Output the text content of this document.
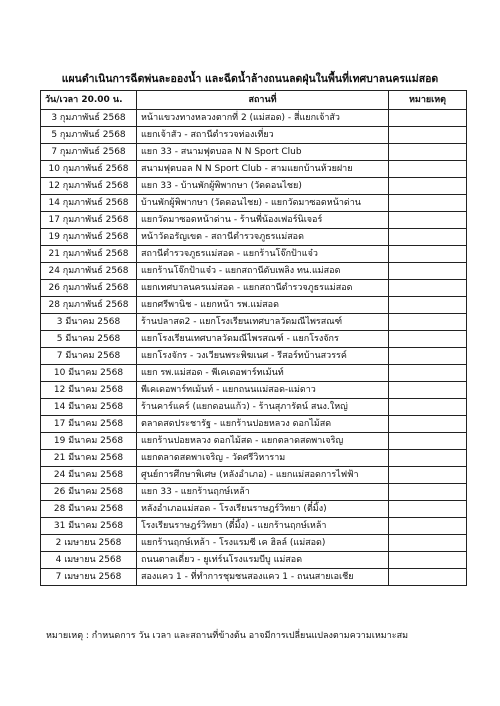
แผนดำเนินการฉีดพ่นละอองน้ำ และฉีดน้ำล้างถนนลดฝุ่นในพื้นที่เทศบาลนครแม่สอด
วัน/เวลา 20.00 น.	สถานที่	หมายเหตุ
3 กุมภาพันธ์ 2568	หน้าแขวงทางหลวงตากที่ 2 (แม่สอด) - สี่แยกเจ้าสัว	
5 กุมภาพันธ์ 2568	แยกเจ้าสัว - สถานีตำรวจท่องเที่ยว	
7 กุมภาพันธ์ 2568	แยก 33 - สนามฟุตบอล N N Sport Club	
10 กุมภาพันธ์ 2568	สนามฟุตบอล N N Sport Club - สามแยกบ้านห้วยฝาย	
12 กุมภาพันธ์ 2568	แยก 33 - บ้านพักผู้พิพากษา (วัดดอนไชย)	
14 กุมภาพันธ์ 2568	บ้านพักผู้พิพากษา (วัดดอนไชย) - แยกวัดมาซอดหน้าด่าน	
17 กุมภาพันธ์ 2568	แยกวัดมาซอดหน้าด่าน - ร้านพี่น้องเฟอร์นิเจอร์	
19 กุมภาพันธ์ 2568	หน้าวัดอรัญเขต - สถานีตำรวจภูธรแม่สอด	
21 กุมภาพันธ์ 2568	สถานีตำรวจภูธรแม่สอด - แยกร้านโจ๊กป้าแจ๋ว	
24 กุมภาพันธ์ 2568	แยกร้านโจ๊กป้าแจ๋ว - แยกสถานีดับเพลิง ทน.แม่สอด	
26 กุมภาพันธ์ 2568	แยกเทศบาลนครแม่สอด - แยกสถานีตำรวจภูธรแม่สอด	
28 กุมภาพันธ์ 2568	แยกศรีพานิช - แยกหน้า รพ.แม่สอด	
3 มีนาคม 2568	ร้านปลาสด2 - แยกโรงเรียนเทศบาลวัดมณีไพรสณฑ์	
5 มีนาคม 2568	แยกโรงเรียนเทศบาลวัดมณีไพรสณฑ์ - แยกโรงจักร	
7 มีนาคม 2568	แยกโรงจักร - วงเวียนพระพิฆเนศ - รีสอร์ทบ้านสวรรค์	
10 มีนาคม 2568	แยก รพ.แม่สอด - พีเคเดอพาร์ทเม้นท์	
12 มีนาคม 2568	พีเคเดอพาร์ทเม้นท์ - แยกถนนแม่สอด-แม่ดาว	
14 มีนาคม 2568	ร้านคาร์แคร์ (แยกดอนแก้ว) - ร้านสุภารัตน์ สนง.ใหญ่	
17 มีนาคม 2568	ตลาดสดประชารัฐ - แยกร้านปอยหลวง ดอกไม้สด	
19 มีนาคม 2568	แยกร้านปอยหลวง ดอกไม้สด - แยกตลาดสดพาเจริญ	
21 มีนาคม 2568	แยกตลาดสดพาเจริญ - วัดศรีวิหาราม	
24 มีนาคม 2568	ศูนย์การศึกษาพิเศษ (หลังอำเภอ) - แยกแม่สอดการไฟฟ้า	
26 มีนาคม 2568	แยก 33 - แยกร้านฤกษ์เหล้า	
28 มีนาคม 2568	หลังอำเภอแม่สอด - โรงเรียนราษฎร์วิทยา (ตี๋มิ้ง)	
31 มีนาคม 2568	โรงเรียนราษฎร์วิทยา (ตี๋มิ้ง) - แยกร้านฤกษ์เหล้า	
2 เมษายน 2568	แยกร้านฤกษ์เหล้า - โรงแรมซี เค ฮิลล์ (แม่สอด)	
4 เมษายน 2568	ถนนตาลเดี่ยว - ยูเท่ร์นโรงแรมบีบู แม่สอด	
7 เมษายน 2568	สองแคว 1 - ที่ทำการชุมชนสองแคว 1 - ถนนสายเอเชีย	
หมายเหตุ : กำหนดการ วัน เวลา และสถานที่ข้างต้น อาจมีการเปลี่ยนแปลงตามความเหมาะสม
